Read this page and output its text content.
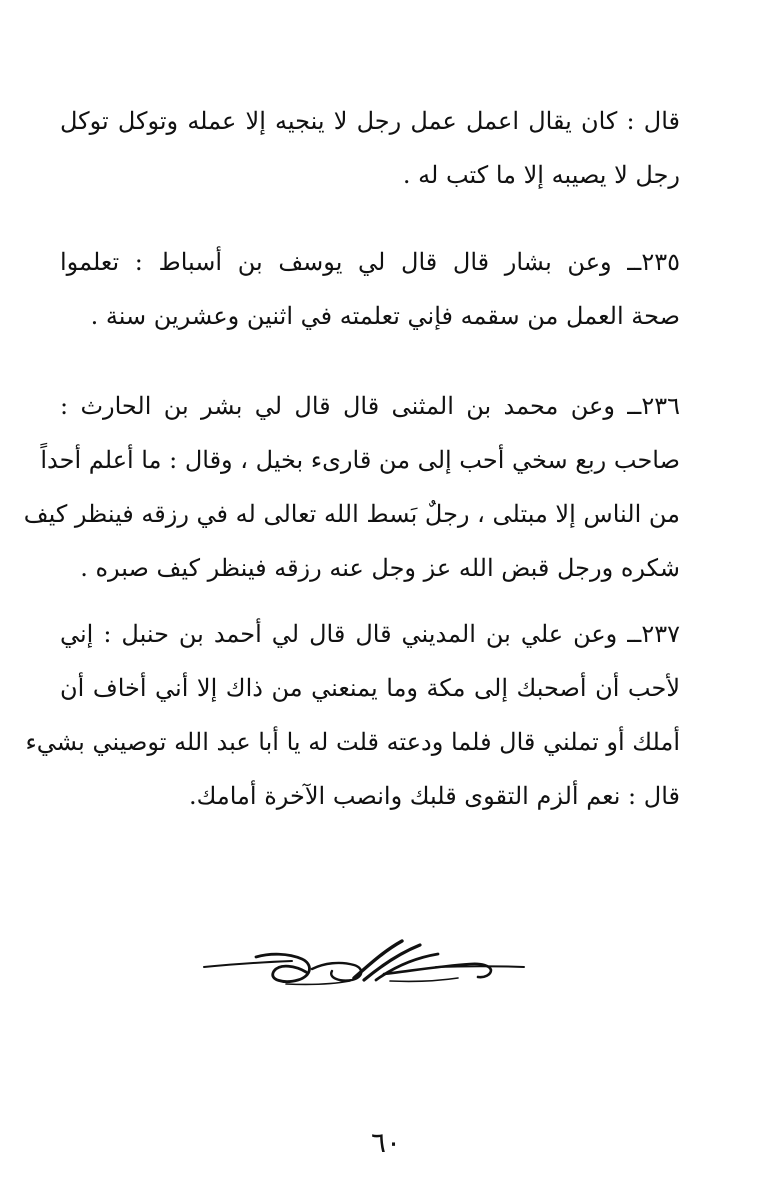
قال : كان يقال اعمل عمل رجل لا ينجيه إلا عمله وتوكل توكل
رجل لا يصيبه إلا ما كتب له .
٢٣٥ــ وعن بشار قال قال لي يوسف بن أسباط : تعلموا
صحة العمل من سقمه فإني تعلمته في اثنين وعشرين سنة .
٢٣٦ــ وعن محمد بن المثنى قال قال لي بشر بن الحارث :
صاحب ربع سخي أحب إلى من قارىء بخيل ، وقال : ما أعلم أحداً
من الناس إلا مبتلى ، رجلٌ بَسط الله تعالى له في رزقه فينظر كيف
شكره ورجل قبض الله عز وجل عنه رزقه فينظر كيف صبره .
٢٣٧ــ وعن علي بن المديني قال قال لي أحمد بن حنبل : إني
لأحب أن أصحبك إلى مكة وما يمنعني من ذاك إلا أني أخاف أن
أملك أو تملني قال فلما ودعته قلت له يا أبا عبد الله توصيني بشيء
قال : نعم ألزم التقوى قلبك وانصب الآخرة أمامك.
٦٠
